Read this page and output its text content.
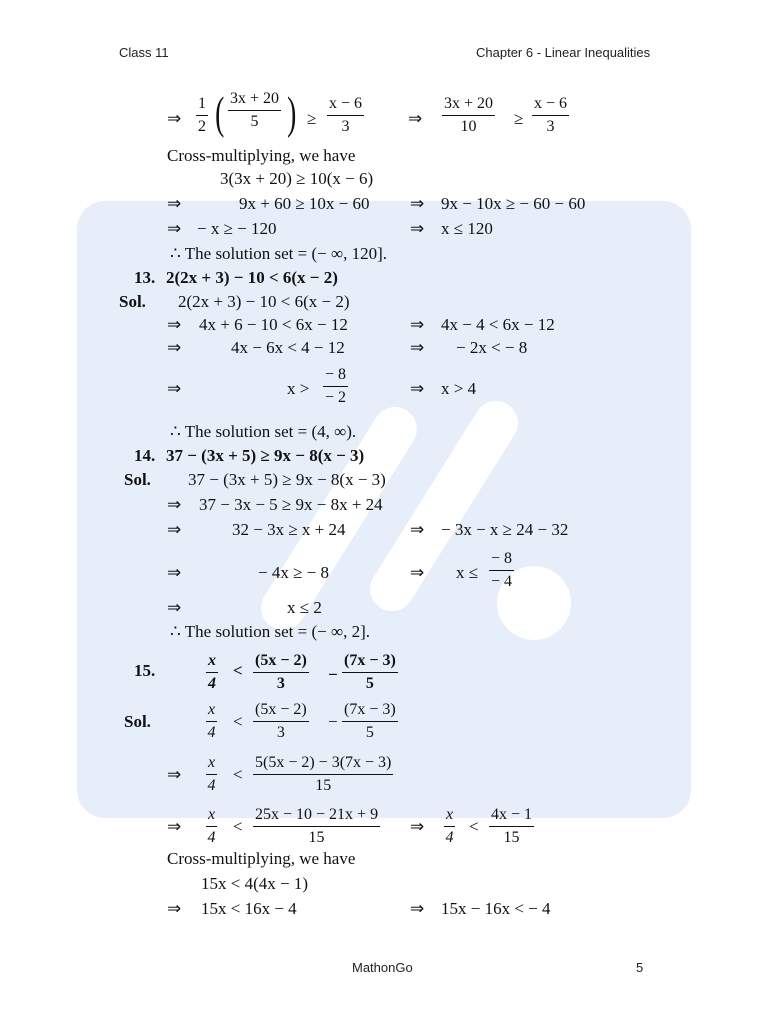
Class 11	Chapter 6 - Linear Inequalities
⇒ $\frac{1}{2}$ ( $\frac{3x + 20}{5}$ ) ≥ $\frac{x - 6}{3}$	⇒ $\frac{3x + 20}{10} \ge \frac{x - 6}{3}$
Cross-multiplying, we have
3(3x + 20) ≥ 10(x − 6)
⇒	9x + 60 ≥ 10x − 60 ⇒ 9x − 10x ≥ − 60 − 60
⇒ − x ≥ − 120	⇒ x ≤ 120
∴ The solution set = (− ∞, 120].
13. 2(2x + 3) − 10 < 6(x − 2)
Sol. 2(2x + 3) − 10 < 6(x − 2)
⇒ 4x + 6 − 10 < 6x − 12	⇒ 4x − 4 < 6x − 12
⇒	4x − 6x < 4 − 12	⇒ − 2x < − 8
⇒	$x > \frac{- 8}{- 2}$	⇒ x > 4
∴ The solution set = (4, ∞).
14. 37 − (3x + 5) ≥ 9x − 8(x − 3)
Sol. 37 − (3x + 5) ≥ 9x − 8(x − 3)
⇒ 37 − 3x − 5 ≥ 9x − 8x + 24
⇒	32 − 3x ≥ x + 24	⇒ − 3x − x ≥ 24 − 32
⇒	− 4x ≥ − 8	⇒ $x \le \frac{- 8}{- 4}$
⇒	x ≤ 2
∴ The solution set = (− ∞, 2].
15.	$\frac{x}{4} < \frac{(5x - 2)}{3} - \frac{(7x - 3)}{5}$
Sol.	$\frac{x}{4} < \frac{(5x - 2)}{3} - \frac{(7x - 3)}{5}$
⇒ $\frac{x}{4} < \frac{5(5x - 2) - 3(7x - 3)}{15}$
⇒ $\frac{x}{4} < \frac{25x - 10 - 21x + 9}{15}$ ⇒ $\frac{x}{4} < \frac{4x - 1}{15}$
Cross-multiplying, we have
15x < 4(4x − 1)
⇒ 15x < 16x − 4	⇒ 15x − 16x < − 4
MathonGo	5
